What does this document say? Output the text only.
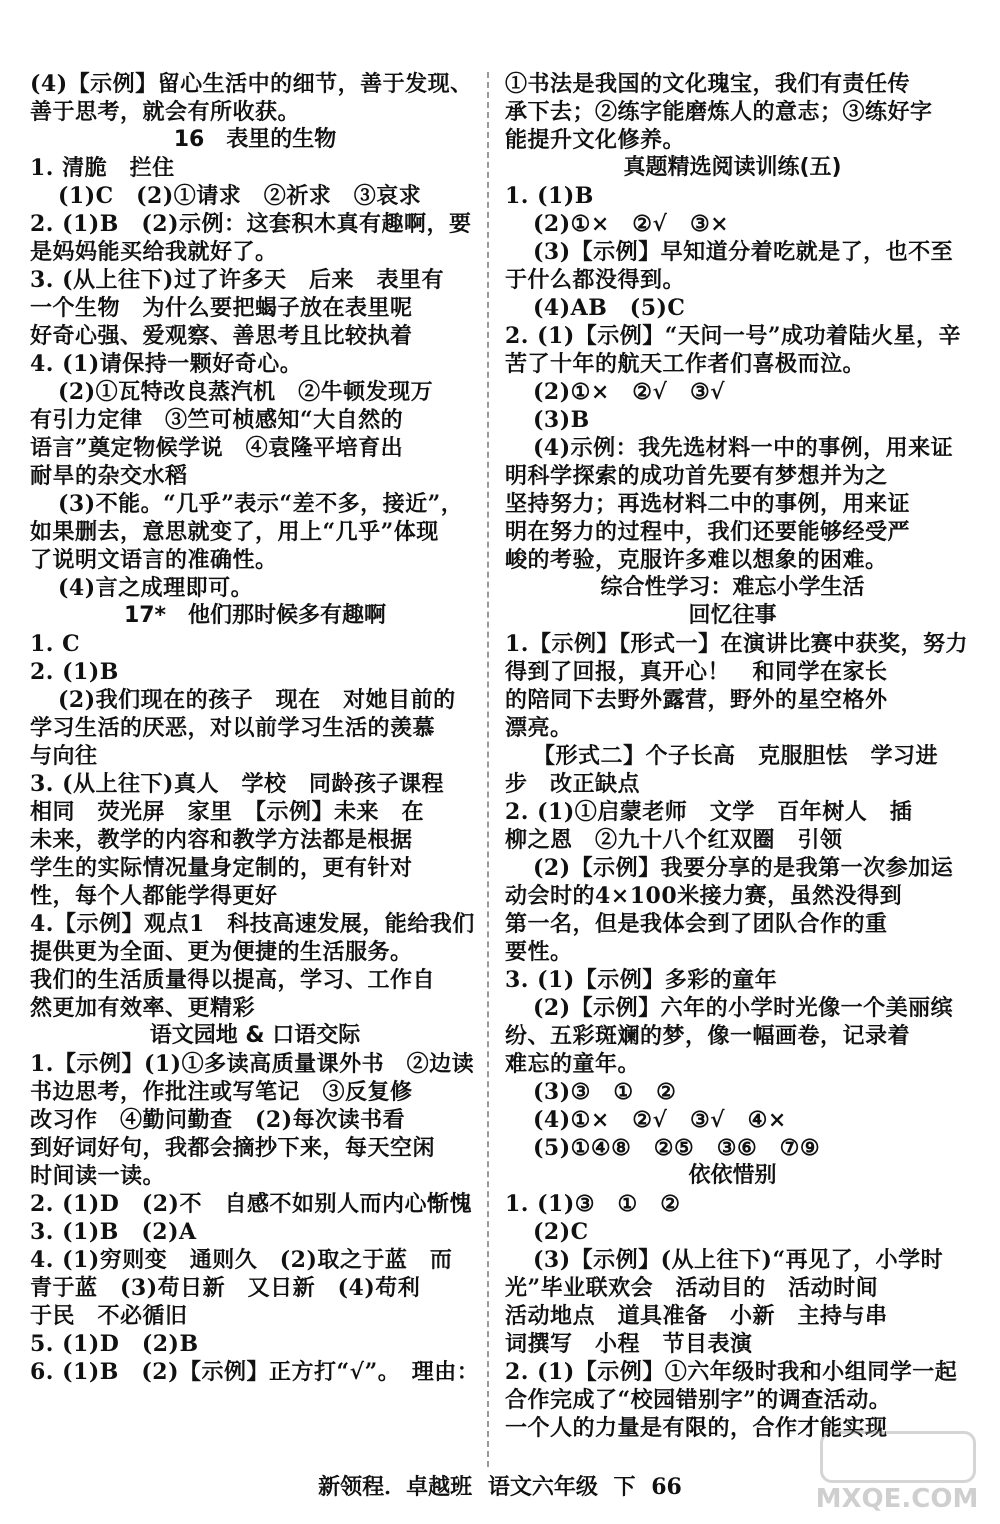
(4)【示例】留心生活中的细节，善于发现、
善于思考，就会有所收获。
16　表里的生物
1. 清脆　拦住
(1)C　(2)①请求　②祈求　③哀求
2. (1)B　(2)示例：这套积木真有趣啊，要
是妈妈能买给我就好了。
3. (从上往下)过了许多天　后来　表里有
一个生物　为什么要把蝎子放在表里呢
好奇心强、爱观察、善思考且比较执着
4. (1)请保持一颗好奇心。
(2)①瓦特改良蒸汽机　②牛顿发现万
有引力定律　③竺可桢感知“大自然的
语言”奠定物候学说　④袁隆平培育出
耐旱的杂交水稻
(3)不能。“几乎”表示“差不多，接近”，
如果删去，意思就变了，用上“几乎”体现
了说明文语言的准确性。
(4)言之成理即可。
17*　他们那时候多有趣啊
1. C
2. (1)B
(2)我们现在的孩子　现在　对她目前的
学习生活的厌恶，对以前学习生活的羡慕
与向往
3. (从上往下)真人　学校　同龄孩子课程
相同　荧光屏　家里　【示例】未来　在
未来，教学的内容和教学方法都是根据
学生的实际情况量身定制的，更有针对
性，每个人都能学得更好
4.【示例】观点1　科技高速发展，能给我们
提供更为全面、更为便捷的生活服务。
我们的生活质量得以提高，学习、工作自
然更加有效率、更精彩
语文园地 & 口语交际
1.【示例】(1)①多读高质量课外书　②边读
书边思考，作批注或写笔记　③反复修
改习作　④勤问勤查　(2)每次读书看
到好词好句，我都会摘抄下来，每天空闲
时间读一读。
2. (1)D　(2)不　自感不如别人而内心惭愧
3. (1)B　(2)A
4. (1)穷则变　通则久　(2)取之于蓝　而
青于蓝　(3)苟日新　又日新　(4)苟利
于民　不必循旧
5. (1)D　(2)B
6. (1)B　(2)【示例】正方打“√”。　理由：
①书法是我国的文化瑰宝，我们有责任传
承下去；②练字能磨炼人的意志；③练好字
能提升文化修养。
真题精选阅读训练(五)
1. (1)B
(2)①×　②√　③×
(3)【示例】早知道分着吃就是了，也不至
于什么都没得到。
(4)AB　(5)C
2. (1)【示例】“天问一号”成功着陆火星，辛
苦了十年的航天工作者们喜极而泣。
(2)①×　②√　③√
(3)B
(4)示例：我先选材料一中的事例，用来证
明科学探索的成功首先要有梦想并为之
坚持努力；再选材料二中的事例，用来证
明在努力的过程中，我们还要能够经受严
峻的考验，克服许多难以想象的困难。
综合性学习：难忘小学生活
回忆往事
1.【示例】【形式一】在演讲比赛中获奖，努力
得到了回报，真开心！　和同学在家长
的陪同下去野外露营，野外的星空格外
漂亮。
【形式二】个子长高　克服胆怯　学习进
步　改正缺点
2. (1)①启蒙老师　文学　百年树人　插
柳之恩　②九十八个红双圈　引领
(2)【示例】我要分享的是我第一次参加运
动会时的4×100米接力赛，虽然没得到
第一名，但是我体会到了团队合作的重
要性。
3. (1)【示例】多彩的童年
(2)【示例】六年的小学时光像一个美丽缤
纷、五彩斑斓的梦，像一幅画卷，记录着
难忘的童年。
(3)③　①　②
(4)①×　②√　③√　④×
(5)①④⑧　②⑤　③⑥　⑦⑨
依依惜别
1. (1)③　①　②
(2)C
(3)【示例】(从上往下)“再见了，小学时
光”毕业联欢会　活动目的　活动时间
活动地点　道具准备　小新　主持与串
词撰写　小程　节目表演
2. (1)【示例】①六年级时我和小组同学一起
合作完成了“校园错别字”的调查活动。
一个人的力量是有限的，合作才能实现
新领程．卓越班 语文六年级 下 66	MXQE.COM
